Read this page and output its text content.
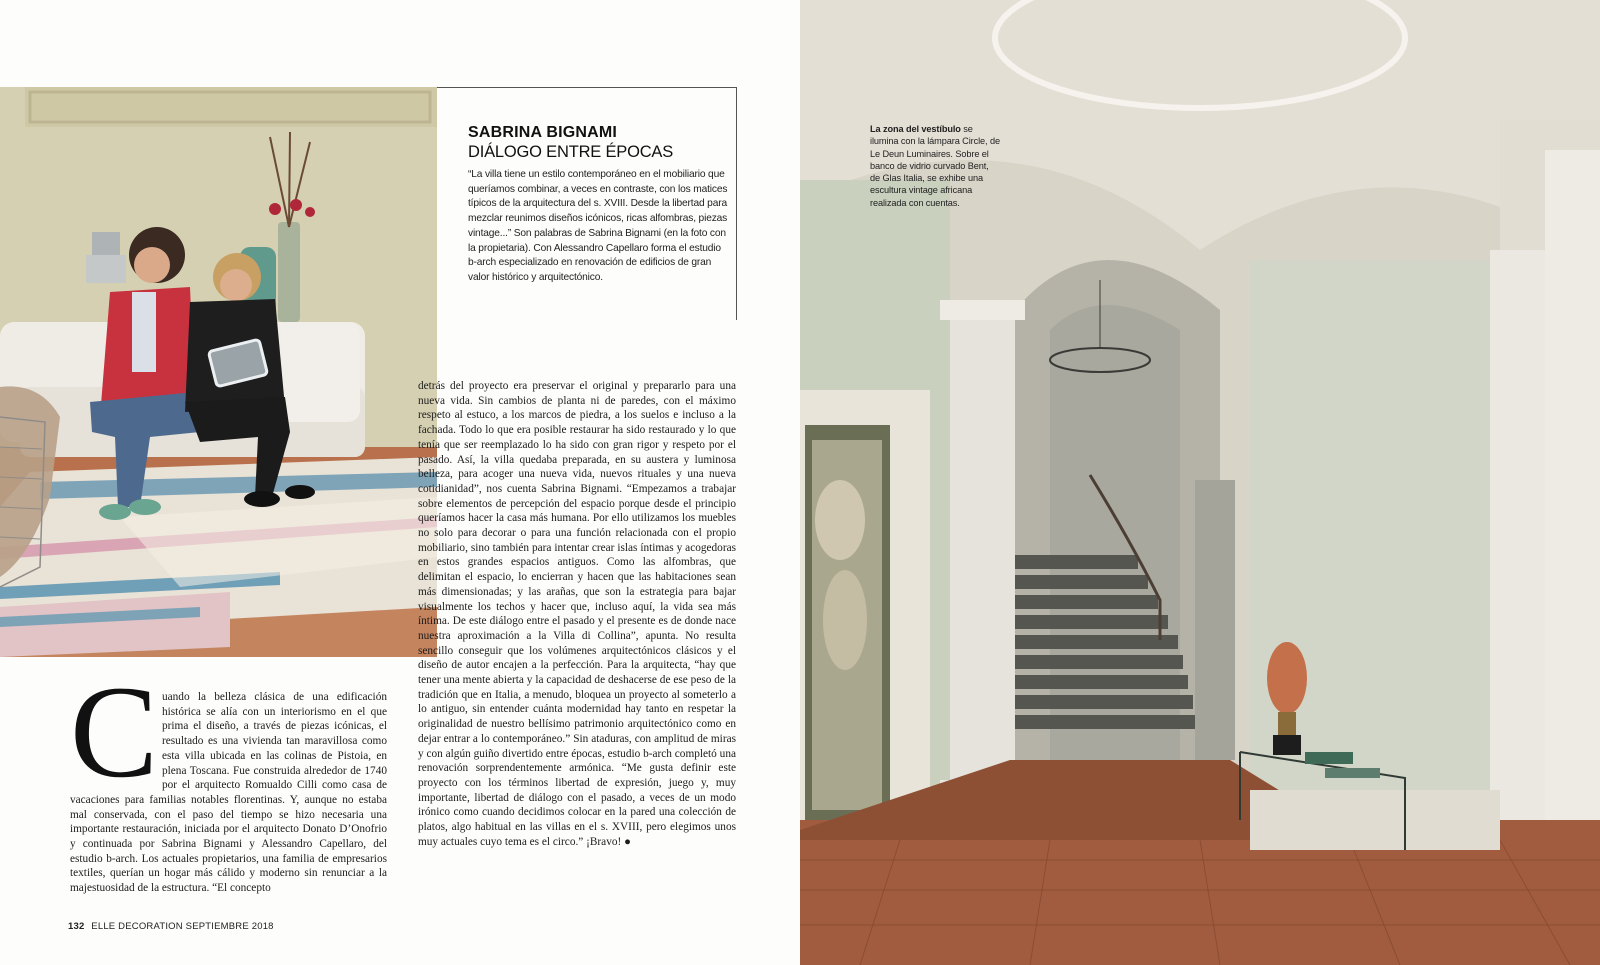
SABRINA BIGNAMI
DIÁLOGO ENTRE ÉPOCAS
“La villa tiene un estilo contemporáneo en el mobiliario que queríamos combinar, a veces en contraste, con los matices típicos de la arquitectura del s. XVIII. Desde la libertad para mezclar reunimos diseños icónicos, ricas alfombras, piezas vintage...” Son palabras de Sabrina Bignami (en la foto con la propietaria). Con Alessandro Capellaro forma el estudio b-arch especializado en renovación de edificios de gran valor histórico y arquitectónico.
detrás del proyecto era preservar el original y prepararlo para una nueva vida. Sin cambios de planta ni de paredes, con el máximo respeto al estuco, a los marcos de piedra, a los suelos e incluso a la fachada. Todo lo que era posible restaurar ha sido restaurado y lo que tenía que ser reemplazado lo ha sido con gran rigor y respeto por el pasado. Así, la villa quedaba preparada, en su austera y luminosa belleza, para acoger una nueva vida, nuevos rituales y una nueva cotidianidad”, nos cuenta Sabrina Bignami. “Empezamos a trabajar sobre elementos de percepción del espacio porque desde el principio queríamos hacer la casa más humana. Por ello utilizamos los muebles no solo para decorar o para una función relacionada con el propio mobiliario, sino también para intentar crear islas íntimas y acogedoras en estos grandes espacios antiguos. Como las alfombras, que delimitan el espacio, lo encierran y hacen que las habitaciones sean más dimensionadas; y las arañas, que son la estrategia para bajar visualmente los techos y hacer que, incluso aquí, la vida sea más íntima. De este diálogo entre el pasado y el presente es de donde nace nuestra aproximación a la Villa di Collina”, apunta. No resulta sencillo conseguir que los volúmenes arquitectónicos clásicos y el diseño de autor encajen a la perfección. Para la arquitecta, “hay que tener una mente abierta y la capacidad de deshacerse de ese peso de la tradición que en Italia, a menudo, bloquea un proyecto al someterlo a lo antiguo, sin entender cuánta modernidad hay tanto en respetar la originalidad de nuestro bellísimo patrimonio arquitectónico como en dejar entrar a lo contemporáneo.” Sin ataduras, con amplitud de miras y con algún guiño divertido entre épocas, estudio b-arch completó una renovación sorprendentemente armónica. “Me gusta definir este proyecto con los términos libertad de expresión, juego y, muy importante, libertad de diálogo con el pasado, a veces de un modo irónico como cuando decidimos colocar en la pared una colección de platos, algo habitual en las villas en el s. XVIII, pero elegimos unos muy actuales cuyo tema es el circo.” ¡Bravo! ●
Cuando la belleza clásica de una edificación histórica se alía con un interiorismo en el que prima el diseño, a través de piezas icónicas, el resultado es una vivienda tan maravillosa como esta villa ubicada en las colinas de Pistoia, en plena Toscana. Fue construida alrededor de 1740 por el arquitecto Romualdo Cilli como casa de vacaciones para familias notables florentinas. Y, aunque no estaba mal conservada, con el paso del tiempo se hizo necesaria una importante restauración, iniciada por el arquitecto Donato D’Onofrio y continuada por Sabrina Bignami y Alessandro Capellaro, del estudio b-arch. Los actuales propietarios, una familia de empresarios textiles, querían un hogar más cálido y moderno sin renunciar a la majestuosidad de la estructura. “El concepto
132 ELLE DECORATION SEPTIEMBRE 2018
La zona del vestíbulo se ilumina con la lámpara Circle, de Le Deun Luminaires. Sobre el banco de vidrio curvado Bent, de Glas Italia, se exhibe una escultura vintage africana realizada con cuentas.
